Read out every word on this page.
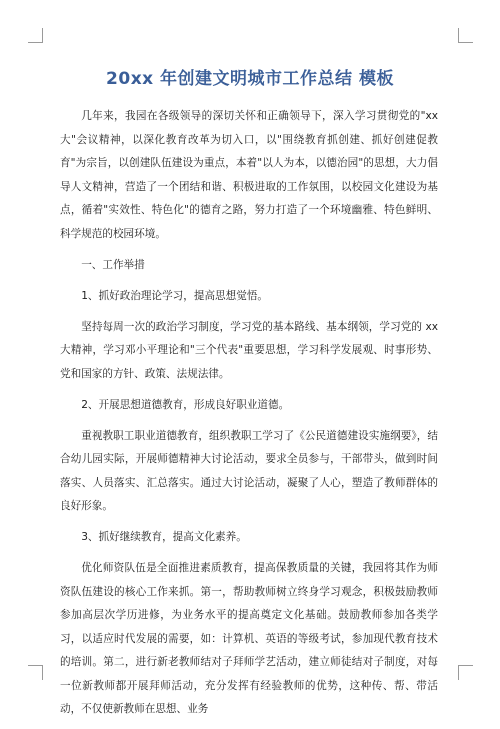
20xx 年创建文明城市工作总结 模板

几年来，我园在各级领导的深切关怀和正确领导下，深入学习贯彻党的"xx 大"会议精神，以深化教育改革为切入口，以"围绕教育抓创建、抓好创建促教育"为宗旨，以创建队伍建设为重点，本着"以人为本，以德治园"的思想，大力倡导人文精神，营造了一个团结和谐、积极进取的工作氛围，以校园文化建设为基点，循着"实效性、特色化"的德育之路，努力打造了一个环境幽雅、特色鲜明、科学规范的校园环境。

一、工作举措

1、抓好政治理论学习，提高思想觉悟。

坚持每周一次的政治学习制度，学习党的基本路线、基本纲领，学习党的 xx 大精神，学习邓小平理论和"三个代表"重要思想，学习科学发展观、时事形势、党和国家的方针、政策、法规法律。

2、开展思想道德教育，形成良好职业道德。

重视教职工职业道德教育，组织教职工学习了《公民道德建设实施纲要》，结合幼儿园实际，开展师德精神大讨论活动，要求全员参与，干部带头，做到时间落实、人员落实、汇总落实。通过大讨论活动，凝聚了人心，塑造了教师群体的良好形象。

3、抓好继续教育，提高文化素养。

优化师资队伍是全面推进素质教育，提高保教质量的关键，我园将其作为师资队伍建设的核心工作来抓。第一，帮助教师树立终身学习观念，积极鼓励教师参加高层次学历进修，为业务水平的提高奠定文化基础。鼓励教师参加各类学习，以适应时代发展的需要，如：计算机、英语的等级考试，参加现代教育技术的培训。第二，进行新老教师结对子拜师学艺活动，建立师徒结对子制度，对每一位新教师都开展拜师活动，充分发挥有经验教师的优势，这种传、帮、带活动，不仅使新教师在思想、业务
